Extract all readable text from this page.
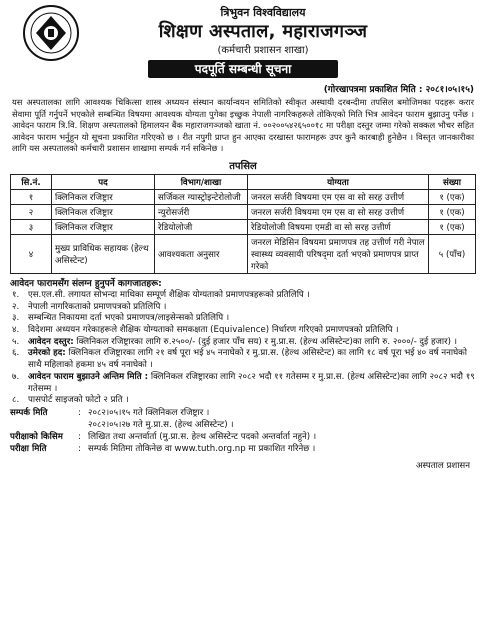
त्रिभुवन विश्वविद्यालय
शिक्षण अस्पताल, महाराजगञ्ज
(कर्मचारी प्रशासन शाखा)
पदपूर्ति सम्बन्धी सूचना
(गोरखापत्रमा प्रकाशित मिति : २०८१।०५।१५)
यस अस्पतालका लागि आवश्यक चिकित्सा शास्त्र अध्ययन संस्थान कार्यान्वयन समितिको स्वीकृत अस्थायी दरबन्दीमा तपसिल बमोजिमका पदहरू करार सेवामा पूर्ति गर्नुपर्ने भएकोले सम्बन्धित विषयमा आवश्यक योग्यता पुगेका इच्छुक नेपाली नागरिकहरूले तोकिएको मिति भित्र आवेदन फाराम बुझाउनु पर्नेछ । आवेदन फाराम त्रि.वि. शिक्षण अस्पतालको हिमालयन बैंक महाराजगञ्जको खाता नं. ००२००५४२६५००१८ मा परीक्षा दस्तुर जम्मा गरेको सक्कल भौचर सहित आवेदन फाराम भर्नुहुन यो सूचना प्रकाशित गरिएको छ । रीत नपुगी प्राप्त हुन आएका दरखास्त फारामहरू उपर कुनै कारबाही हुनेछैन । विस्तृत जानकारीका लागि यस अस्पतालको कर्मचारी प्रशासन शाखामा सम्पर्क गर्न सकिनेछ ।
तपसिल
सि.नं.	पद	विभाग/शाखा	योग्यता	संख्या
१	क्लिनिकल रजिष्ट्रार	सर्जिकल ग्यास्ट्रोइन्टेरोलोजी	जनरल सर्जरी विषयमा एम एस वा सो सरह उत्तीर्ण	१ (एक)
२	क्लिनिकल रजिष्ट्रार	न्युरोसर्जरी	जनरल सर्जरी विषयमा एम एस वा सो सरह उत्तीर्ण	१ (एक)
३	क्लिनिकल रजिष्ट्रार	रेडियोलोजी	रेडियोलोजी विषयमा एमडी वा सो सरह उत्तीर्ण	१ (एक)
४	मुख्य प्राविधिक सहायक (हेल्थ असिस्टेन्ट)	आवश्यकता अनुसार	जनरल मेडिसिन विषयमा प्रमाणपत्र तह उत्तीर्ण गरी नेपाल स्वास्थ्य व्यवसायी परिषद्‌मा दर्ता भएको प्रमाणपत्र प्राप्त गरेको	५ (पाँच)
आवेदन फारामसँग संलग्न हुनुपर्ने कागजातहरू:
१.	एस.एल.सी. लगायत सोभन्दा माथिका सम्पूर्ण शैक्षिक योग्यताको प्रमाणपत्रहरूको प्रतिलिपि ।
२.	नेपाली नागरिकताको प्रमाणपत्रको प्रतिलिपि ।
३.	सम्बन्धित निकायमा दर्ता भएको प्रमाणपत्र/लाइसेन्सको प्रतिलिपि ।
४.	विदेशमा अध्ययन गरेकाहरूले शैक्षिक योग्यताको समकक्षता (Equivalence) निर्धारण गरिएको प्रमाणपत्रको प्रतिलिपि ।
५.	आवेदन दस्तुर: क्लिनिकल रजिष्ट्रारका लागि रु.२५००/- (दुई हजार पाँच सय) र मु.प्रा.स. (हेल्थ असिस्टेन्ट)का लागि रु. २०००/- दुई हजार) ।
६.	उमेरको हद: क्लिनिकल रजिष्ट्रारका लागि २१ वर्ष पूरा भई ४५ ननाघेको र मु.प्रा.स. (हेल्थ असिस्टेन्ट) का लागि १८ वर्ष पूरा भई ४० वर्ष ननाघेको साथै महिलाको हकमा ४५ वर्ष ननाघेको ।
७.	आवेदन फाराम बुझाउने अन्तिम मिति : क्लिनिकल रजिष्ट्रारका लागि २०८२ भदौ ११ गतेसम्म र मु.प्रा.स. (हेल्थ असिस्टेन्ट)का लागि २०८२ भदौ १९ गतेसम्म ।
८.	पासपोर्ट साइजको फोटो २ प्रति ।
सम्पर्क मिति	: २०८२।०५।१५ गते क्लिनिकल रजिष्ट्रार ।
२०८२।०५।२७ गते मु.प्रा.स. (हेल्थ असिस्टेन्ट) ।
परीक्षाको किसिम	: लिखित तथा अन्तर्वार्ता (मु.प्रा.स. हेल्थ असिस्टेन्ट पदको अन्तर्वार्ता नहुने) ।
परीक्षा मिति	: सम्पर्क मितिमा तोकिनेछ वा www.tuth.org.np मा प्रकाशित गरिनेछ ।
अस्पताल प्रशासन
